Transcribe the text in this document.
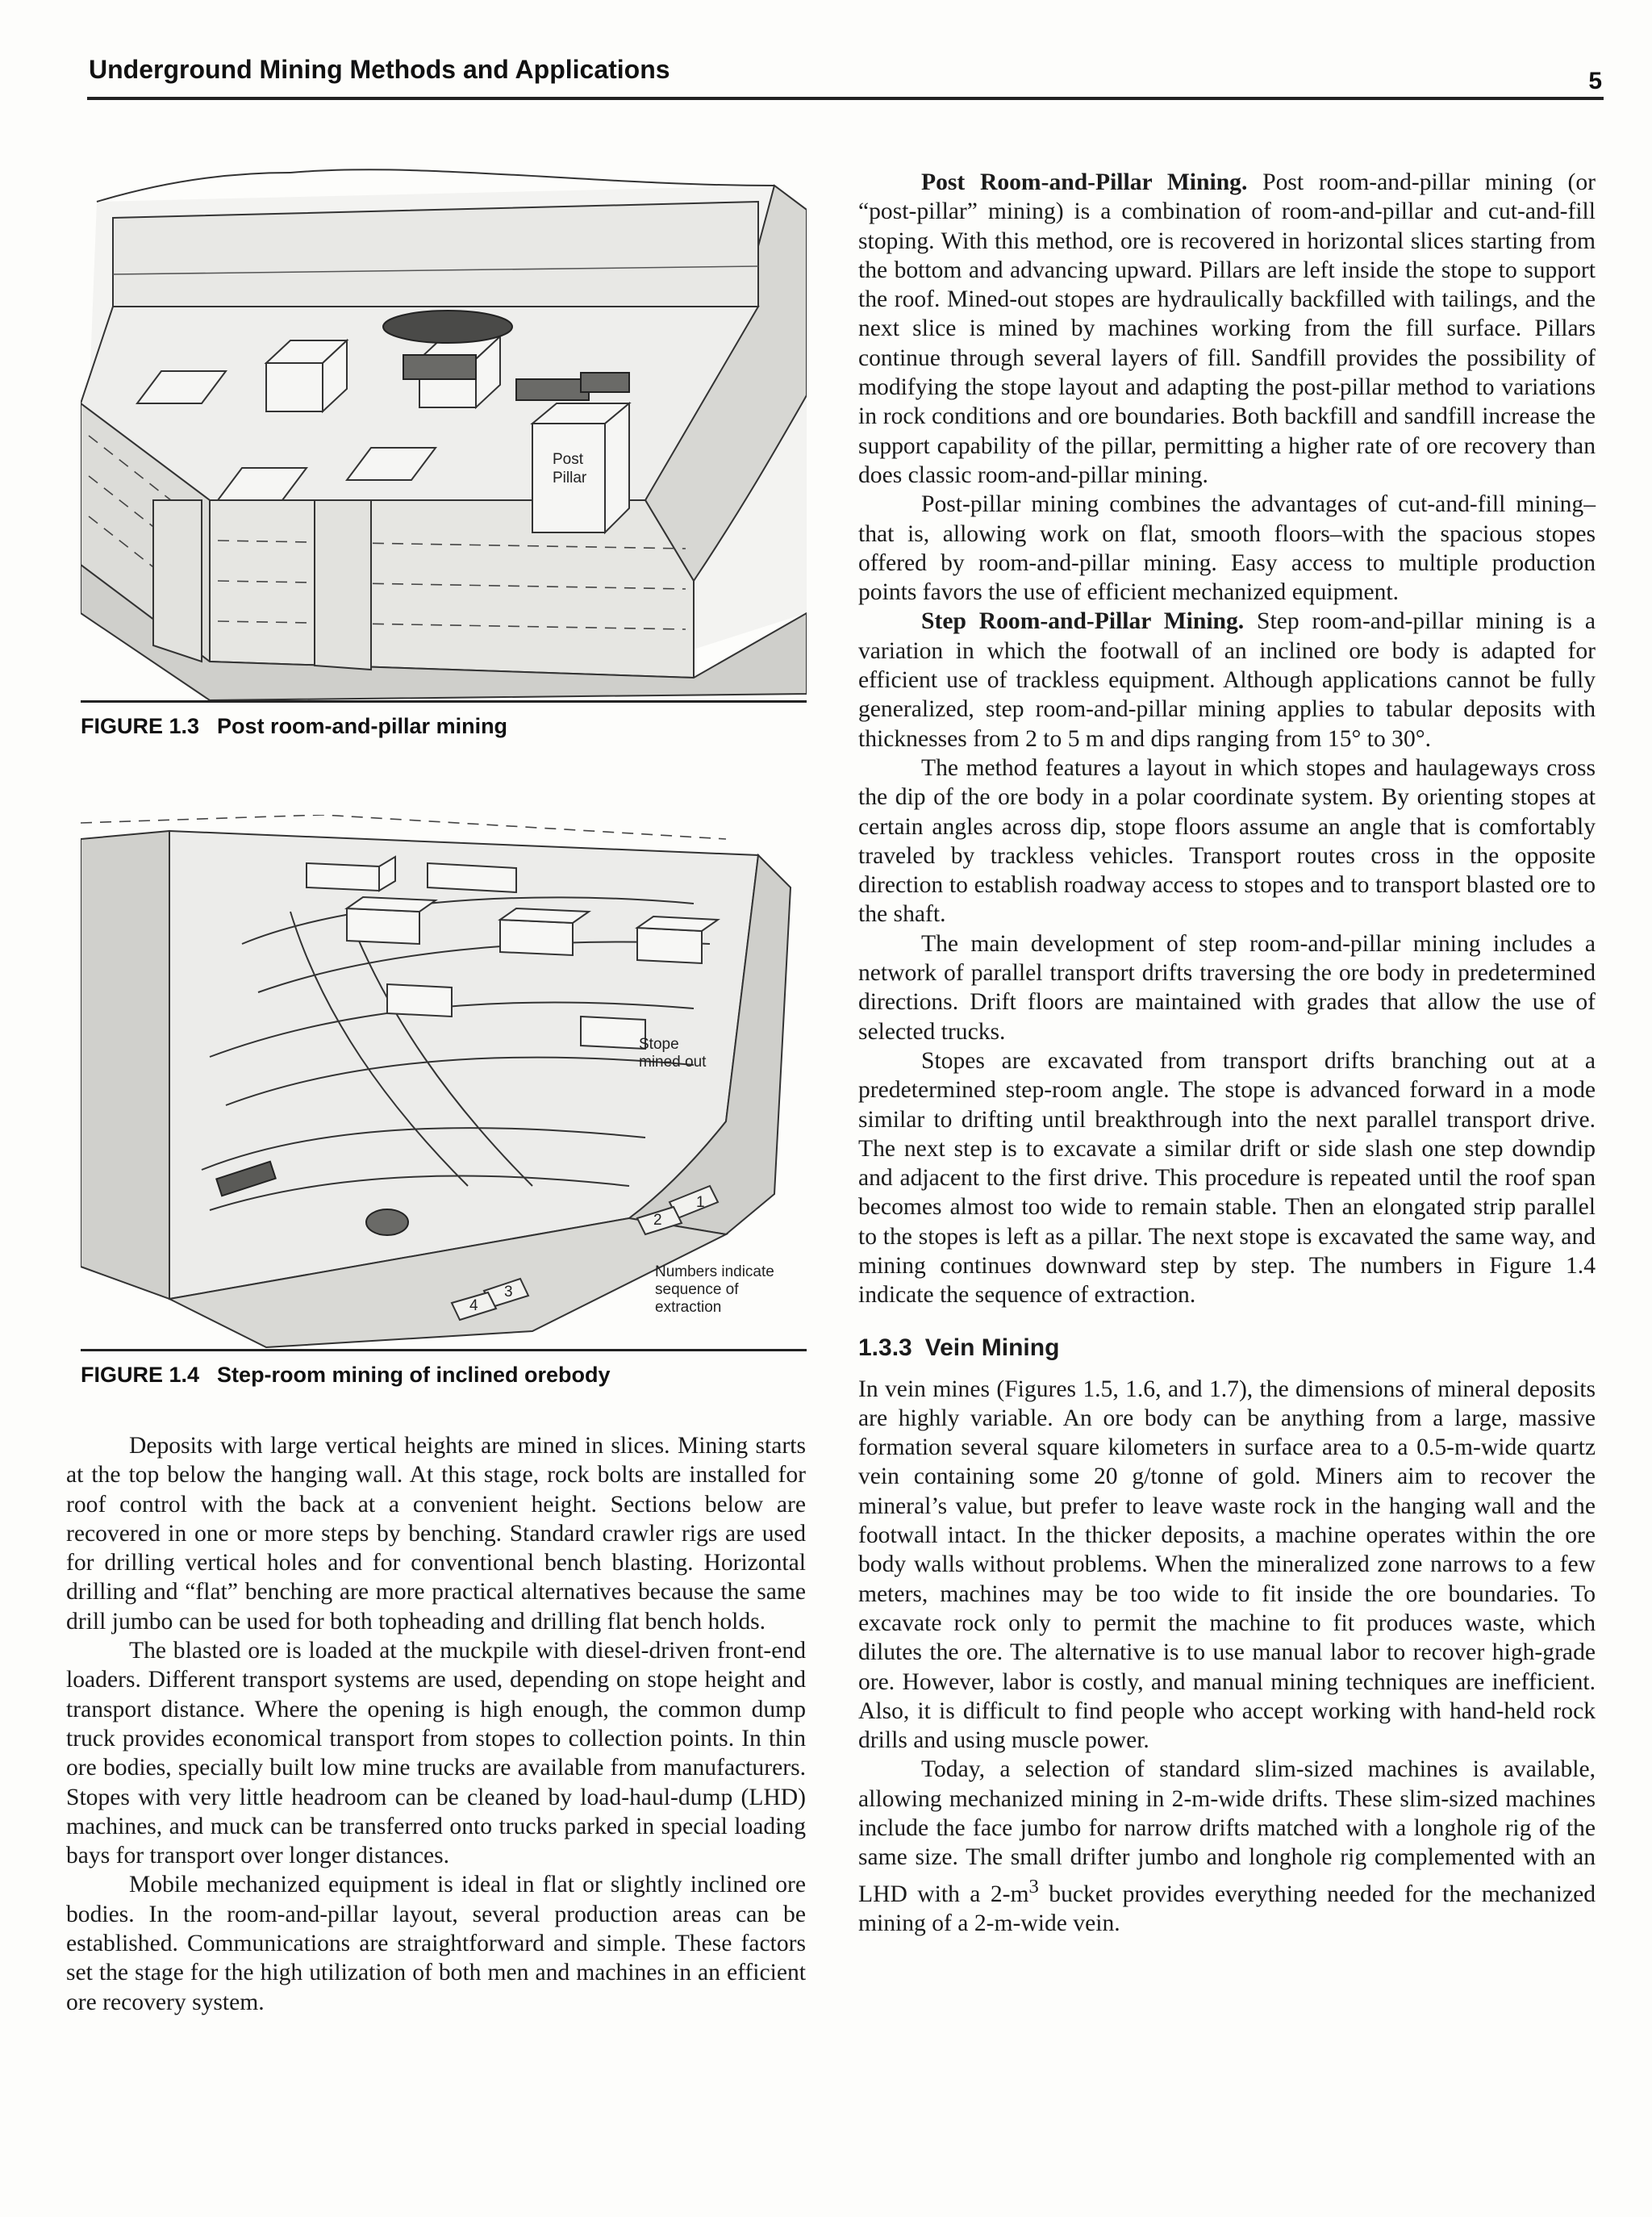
Underground Mining Methods and Applications	5
Post
Pillar
FIGURE 1.3 Post room-and-pillar mining
Stope
mined out
1
2
3
4
Numbers indicate
sequence of
extraction
FIGURE 1.4 Step-room mining of inclined orebody

Deposits with large vertical heights are mined in slices. Mining starts at the top below the hanging wall. At this stage, rock bolts are installed for roof control with the back at a convenient height. Sections below are recovered in one or more steps by benching. Standard crawler rigs are used for drilling vertical holes and for conventional bench blasting. Horizontal drilling and “flat” benching are more practical alternatives because the same drill jumbo can be used for both topheading and drilling flat bench holds.

The blasted ore is loaded at the muckpile with diesel-driven front-end loaders. Different transport systems are used, depending on stope height and transport distance. Where the opening is high enough, the common dump truck provides economical transport from stopes to collection points. In thin ore bodies, specially built low mine trucks are available from manufacturers. Stopes with very little headroom can be cleaned by load-haul-dump (LHD) machines, and muck can be transferred onto trucks parked in special loading bays for transport over longer distances.

Mobile mechanized equipment is ideal in flat or slightly inclined ore bodies. In the room-and-pillar layout, several production areas can be established. Communications are straightforward and simple. These factors set the stage for the high utilization of both men and machines in an efficient ore recovery system.

Post Room-and-Pillar Mining. Post room-and-pillar mining (or “post-pillar” mining) is a combination of room-and-pillar and cut-and-fill stoping. With this method, ore is recovered in horizontal slices starting from the bottom and advancing upward. Pillars are left inside the stope to support the roof. Mined-out stopes are hydraulically backfilled with tailings, and the next slice is mined by machines working from the fill surface. Pillars continue through several layers of fill. Sandfill provides the possibility of modifying the stope layout and adapting the post-pillar method to variations in rock conditions and ore boundaries. Both backfill and sandfill increase the support capability of the pillar, permitting a higher rate of ore recovery than does classic room-and-pillar mining.

Post-pillar mining combines the advantages of cut-and-fill mining–that is, allowing work on flat, smooth floors–with the spacious stopes offered by room-and-pillar mining. Easy access to multiple production points favors the use of efficient mechanized equipment.

Step Room-and-Pillar Mining. Step room-and-pillar mining is a variation in which the footwall of an inclined ore body is adapted for efficient use of trackless equipment. Although applications cannot be fully generalized, step room-and-pillar mining applies to tabular deposits with thicknesses from 2 to 5 m and dips ranging from 15° to 30°.

The method features a layout in which stopes and haulageways cross the dip of the ore body in a polar coordinate system. By orienting stopes at certain angles across dip, stope floors assume an angle that is comfortably traveled by trackless vehicles. Transport routes cross in the opposite direction to establish roadway access to stopes and to transport blasted ore to the shaft.

The main development of step room-and-pillar mining includes a network of parallel transport drifts traversing the ore body in predetermined directions. Drift floors are maintained with grades that allow the use of selected trucks.

Stopes are excavated from transport drifts branching out at a predetermined step-room angle. The stope is advanced forward in a mode similar to drifting until breakthrough into the next parallel transport drive. The next step is to excavate a similar drift or side slash one step downdip and adjacent to the first drive. This procedure is repeated until the roof span becomes almost too wide to remain stable. Then an elongated strip parallel to the stopes is left as a pillar. The next stope is excavated the same way, and mining continues downward step by step. The numbers in Figure 1.4 indicate the sequence of extraction.

1.3.3 Vein Mining

In vein mines (Figures 1.5, 1.6, and 1.7), the dimensions of mineral deposits are highly variable. An ore body can be anything from a large, massive formation several square kilometers in surface area to a 0.5-m-wide quartz vein containing some 20 g/tonne of gold. Miners aim to recover the mineral’s value, but prefer to leave waste rock in the hanging wall and the footwall intact. In the thicker deposits, a machine operates within the ore body walls without problems. When the mineralized zone narrows to a few meters, machines may be too wide to fit inside the ore boundaries. To excavate rock only to permit the machine to fit produces waste, which dilutes the ore. The alternative is to use manual labor to recover high-grade ore. However, labor is costly, and manual mining techniques are inefficient. Also, it is difficult to find people who accept working with hand-held rock drills and using muscle power.

Today, a selection of standard slim-sized machines is available, allowing mechanized mining in 2-m-wide drifts. These slim-sized machines include the face jumbo for narrow drifts matched with a longhole rig of the same size. The small drifter jumbo and longhole rig complemented with an LHD with a $2-m^3$ bucket provides everything needed for the mechanized mining of a 2-m-wide vein.
